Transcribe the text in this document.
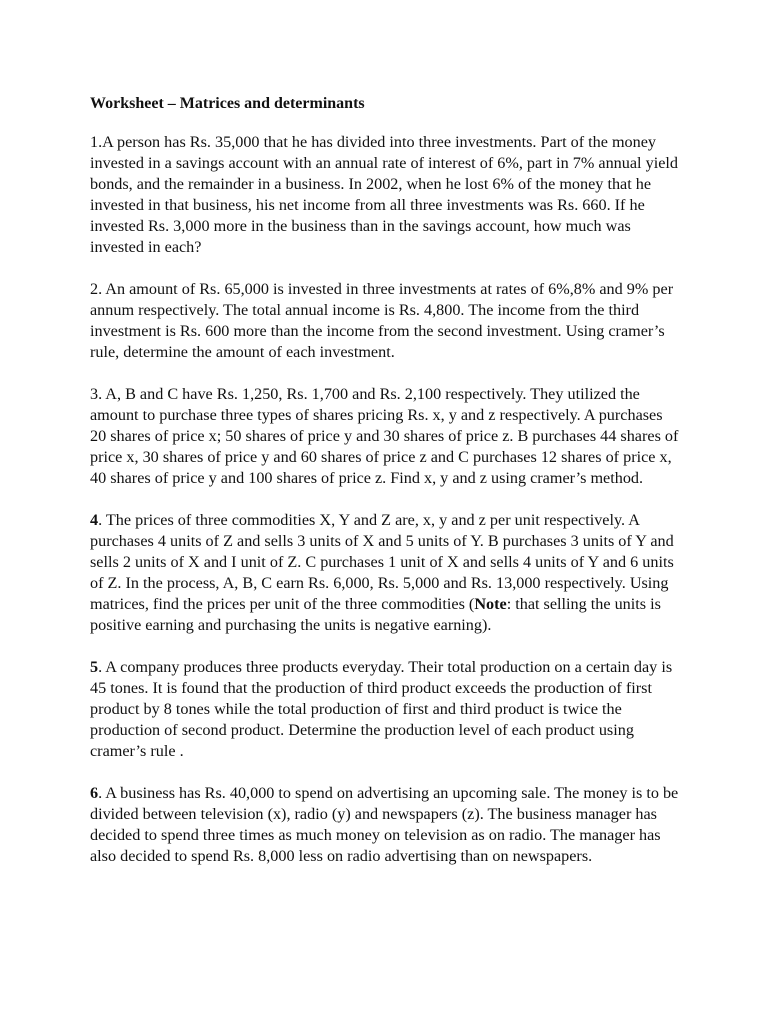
Worksheet – Matrices and determinants

1.A person has Rs. 35,000 that he has divided into three investments. Part of the money invested in a savings account with an annual rate of interest of 6%, part in 7% annual yield bonds, and the remainder in a business. In 2002, when he lost 6% of the money that he invested in that business, his net income from all three investments was Rs. 660. If he invested Rs. 3,000 more in the business than in the savings account, how much was invested in each?

2. An amount of Rs. 65,000 is invested in three investments at rates of 6%,8% and 9% per annum respectively. The total annual income is Rs. 4,800. The income from the third investment is Rs. 600 more than the income from the second investment. Using cramer’s rule, determine the amount of each investment.

3. A, B and C have Rs. 1,250, Rs. 1,700 and Rs. 2,100 respectively. They utilized the amount to purchase three types of shares pricing Rs. x, y and z respectively. A purchases 20 shares of price x; 50 shares of price y and 30 shares of price z. B purchases 44 shares of price x, 30 shares of price y and 60 shares of price z and C purchases 12 shares of price x, 40 shares of price y and 100 shares of price z. Find x, y and z using cramer’s method.

4. The prices of three commodities X, Y and Z are, x, y and z per unit respectively. A purchases 4 units of Z and sells 3 units of X and 5 units of Y. B purchases 3 units of Y and sells 2 units of X and I unit of Z. C purchases 1 unit of X and sells 4 units of Y and 6 units of Z. In the process, A, B, C earn Rs. 6,000, Rs. 5,000 and Rs. 13,000 respectively. Using matrices, find the prices per unit of the three commodities (Note: that selling the units is positive earning and purchasing the units is negative earning).

5. A company produces three products everyday. Their total production on a certain day is 45 tones. It is found that the production of third product exceeds the production of first product by 8 tones while the total production of first and third product is twice the production of second product. Determine the production level of each product using cramer’s rule .

6. A business has Rs. 40,000 to spend on advertising an upcoming sale. The money is to be divided between television (x), radio (y) and newspapers (z). The business manager has decided to spend three times as much money on television as on radio. The manager has also decided to spend Rs. 8,000 less on radio advertising than on newspapers.
